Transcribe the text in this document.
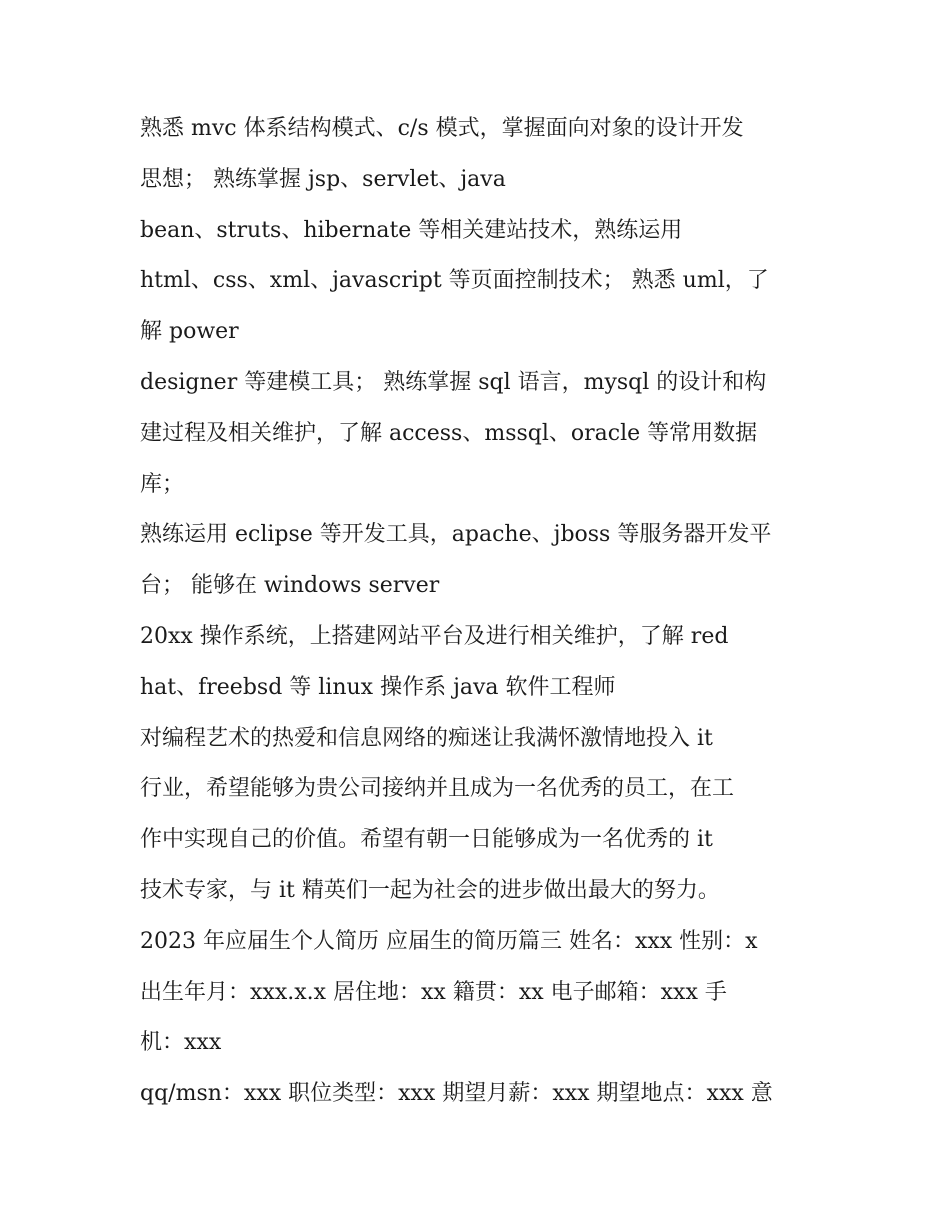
熟悉 mvc 体系结构模式、c/s 模式，掌握面向对象的设计开发
思想； 熟练掌握 jsp、servlet、java
bean、struts、hibernate 等相关建站技术，熟练运用
html、css、xml、javascript 等页面控制技术； 熟悉 uml，了
解 power
designer 等建模工具； 熟练掌握 sql 语言，mysql 的设计和构
建过程及相关维护，了解 access、mssql、oracle 等常用数据
库；
熟练运用 eclipse 等开发工具，apache、jboss 等服务器开发平
台； 能够在 windows server
20xx 操作系统，上搭建网站平台及进行相关维护，了解 red
hat、freebsd 等 linux 操作系 java 软件工程师
对编程艺术的热爱和信息网络的痴迷让我满怀激情地投入 it
行业，希望能够为贵公司接纳并且成为一名优秀的员工，在工
作中实现自己的价值。希望有朝一日能够成为一名优秀的 it
技术专家，与 it 精英们一起为社会的进步做出最大的努力。
2023 年应届生个人简历 应届生的简历篇三 姓名：xxx 性别：x
出生年月：xxx.x.x 居住地：xx 籍贯：xx 电子邮箱：xxx 手
机：xxx
qq/msn：xxx 职位类型：xxx 期望月薪：xxx 期望地点：xxx 意
